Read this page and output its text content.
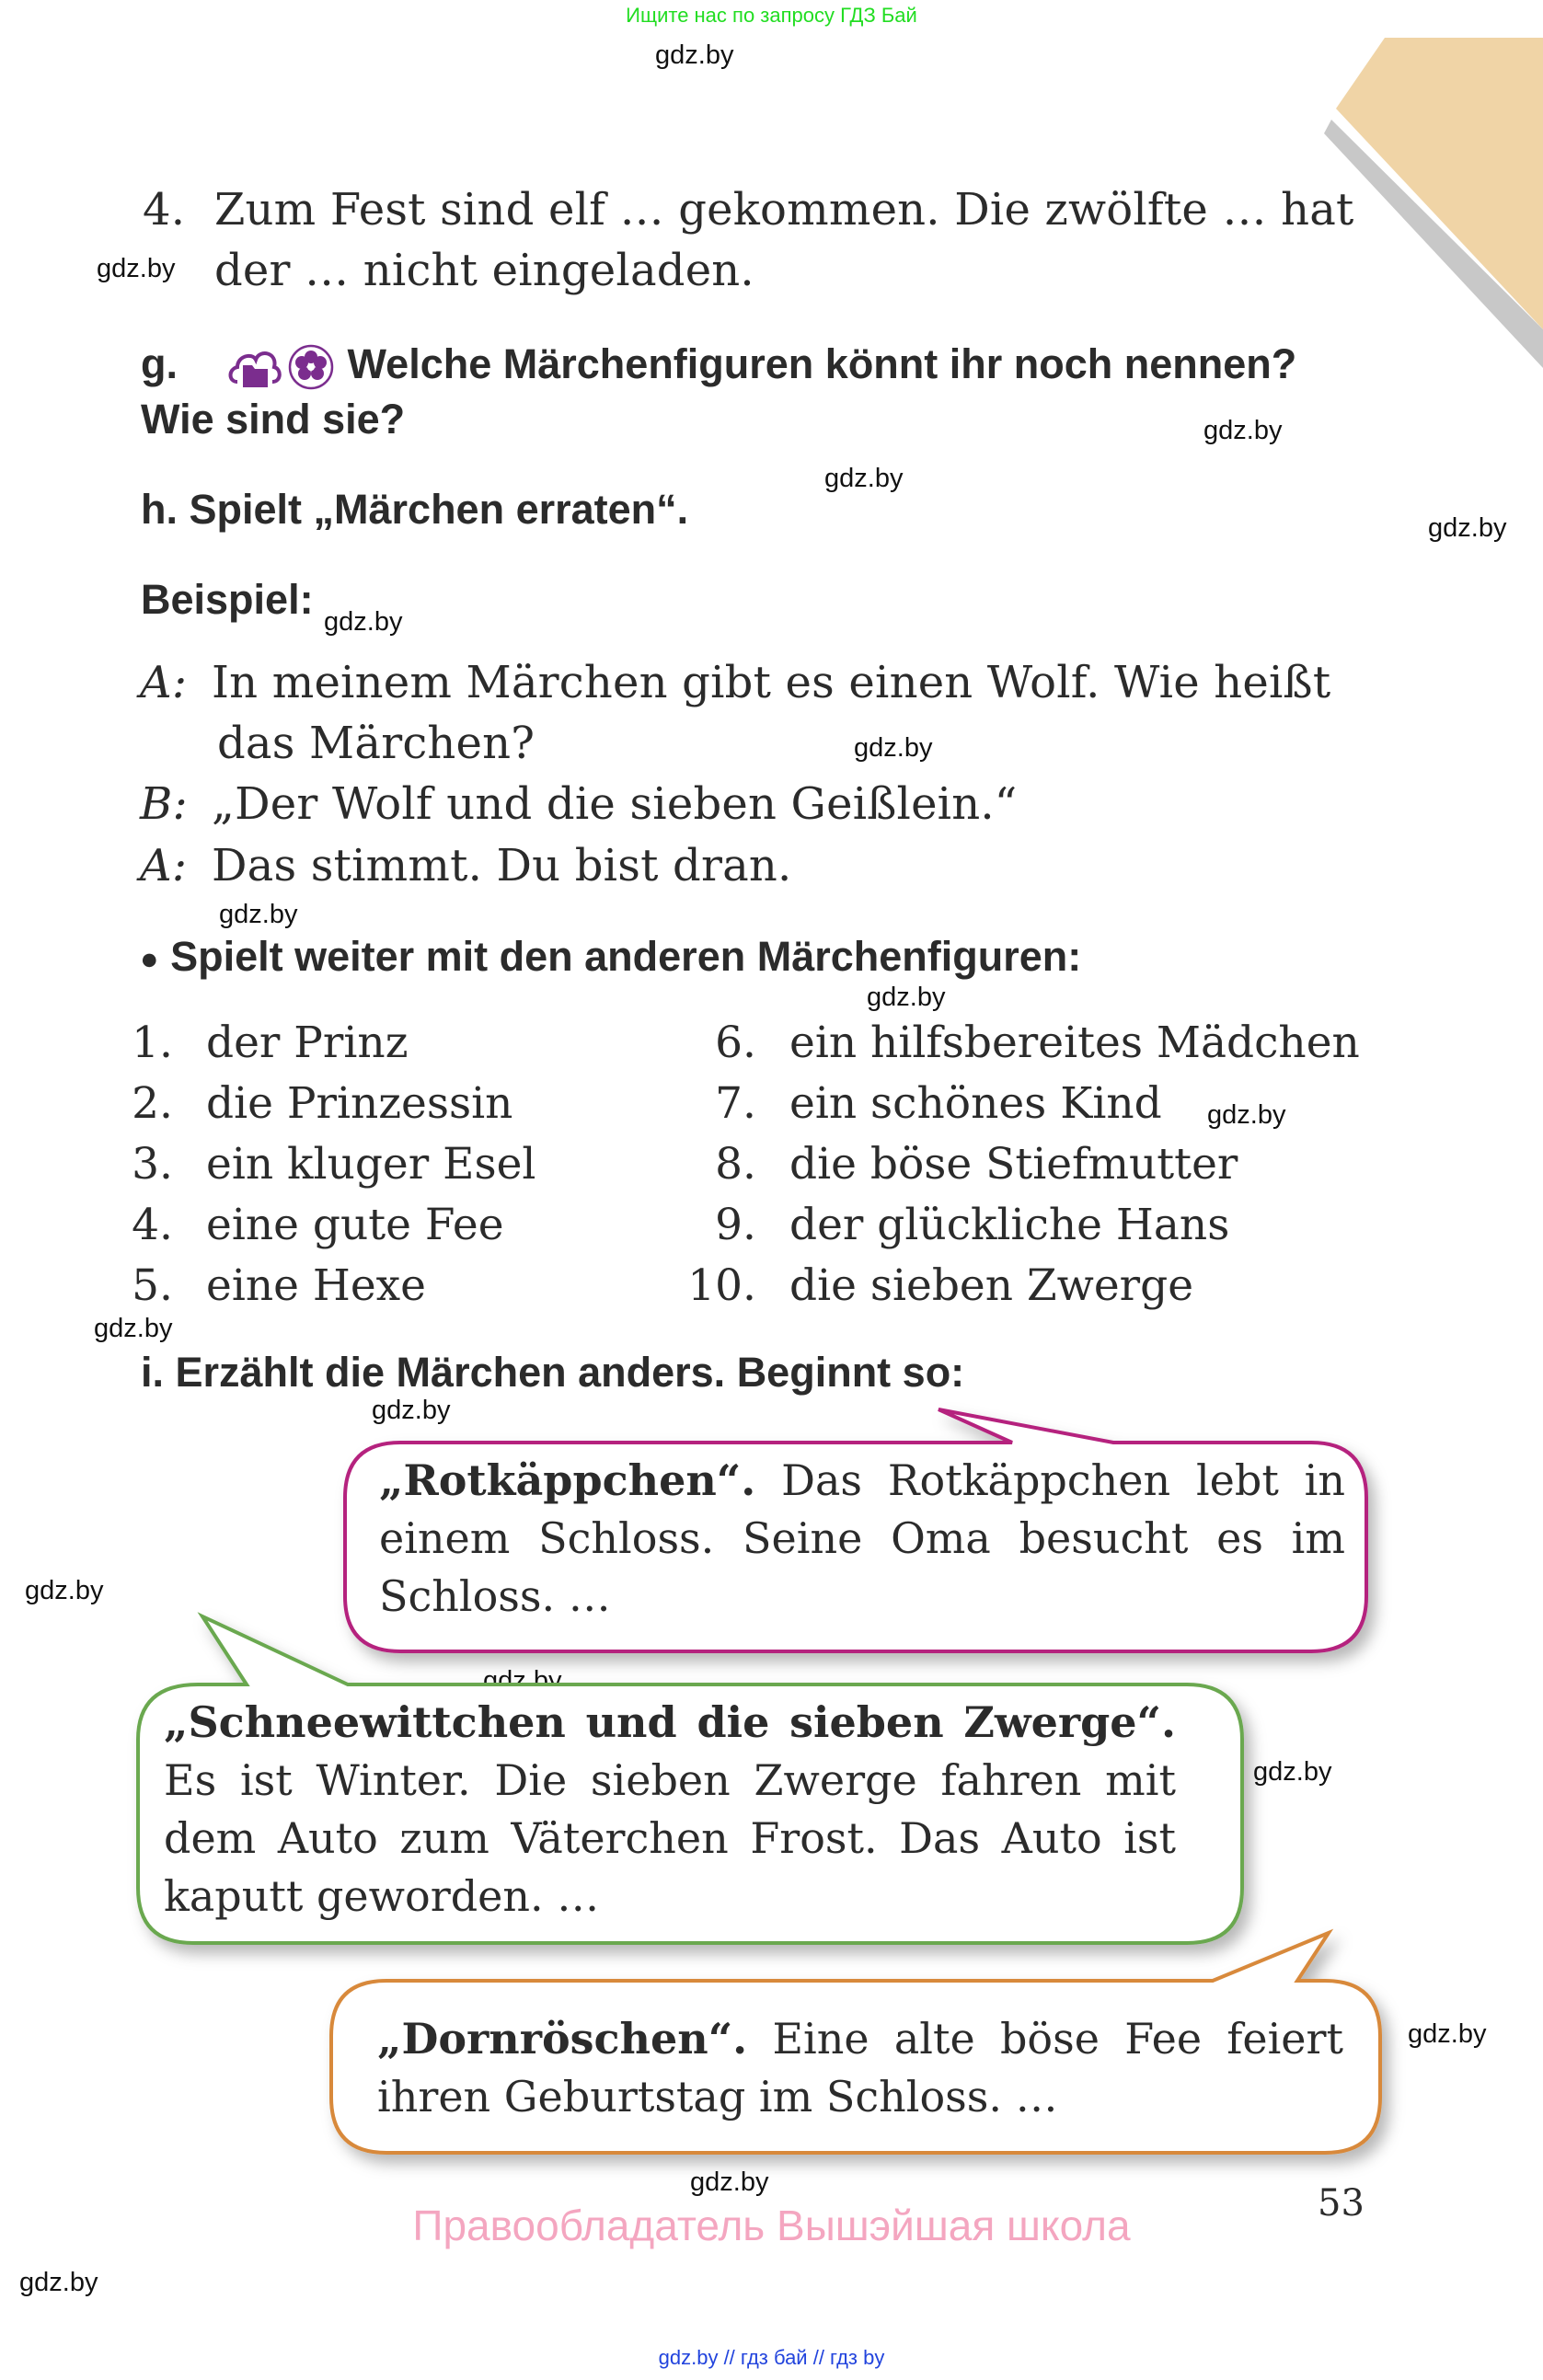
Ищите нас по запросу ГДЗ Бай
gdz.by
gdz.by
gdz.by
gdz.by
gdz.by
gdz.by
gdz.by
gdz.by
gdz.by
gdz.by
gdz.by
gdz.by
gdz.by
gdz.by
gdz.by
gdz.by
gdz.by
gdz.by
4. Zum Fest sind elf … gekommen. Die zwölfte … hat
der … nicht eingeladen.
g.	Welche Märchenfiguren könnt ihr noch nennen?
Wie sind sie?
h. Spielt „Märchen erraten“.
Beispiel:
A: In meinem Märchen gibt es einen Wolf. Wie heißt
das Märchen?
B: „Der Wolf und die sieben Geißlein.“
A: Das stimmt. Du bist dran.
● Spielt weiter mit den anderen Märchenfiguren:
1. der Prinz
2. die Prinzessin
3. ein kluger Esel
4. eine gute Fee
5. eine Hexe
6. ein hilfsbereites Mädchen
7. ein schönes Kind
8. die böse Stiefmutter
9. der glückliche Hans
10. die sieben Zwerge
i. Erzählt die Märchen anders. Beginnt so:
„Rotkäppchen“. Das Rotkäppchen lebt in einem Schloss. Seine Oma besucht es im Schloss. …
„Schneewittchen und die sieben Zwerge“. Es ist Winter. Die sieben Zwerge fahren mit dem Auto zum Väterchen Frost. Das Auto ist kaputt geworden. …
„Dornröschen“. Eine alte böse Fee feiert ihren Geburtstag im Schloss. …
53
Правообладатель Вышэйшая школа
gdz.by // гдз бай // гдз by
